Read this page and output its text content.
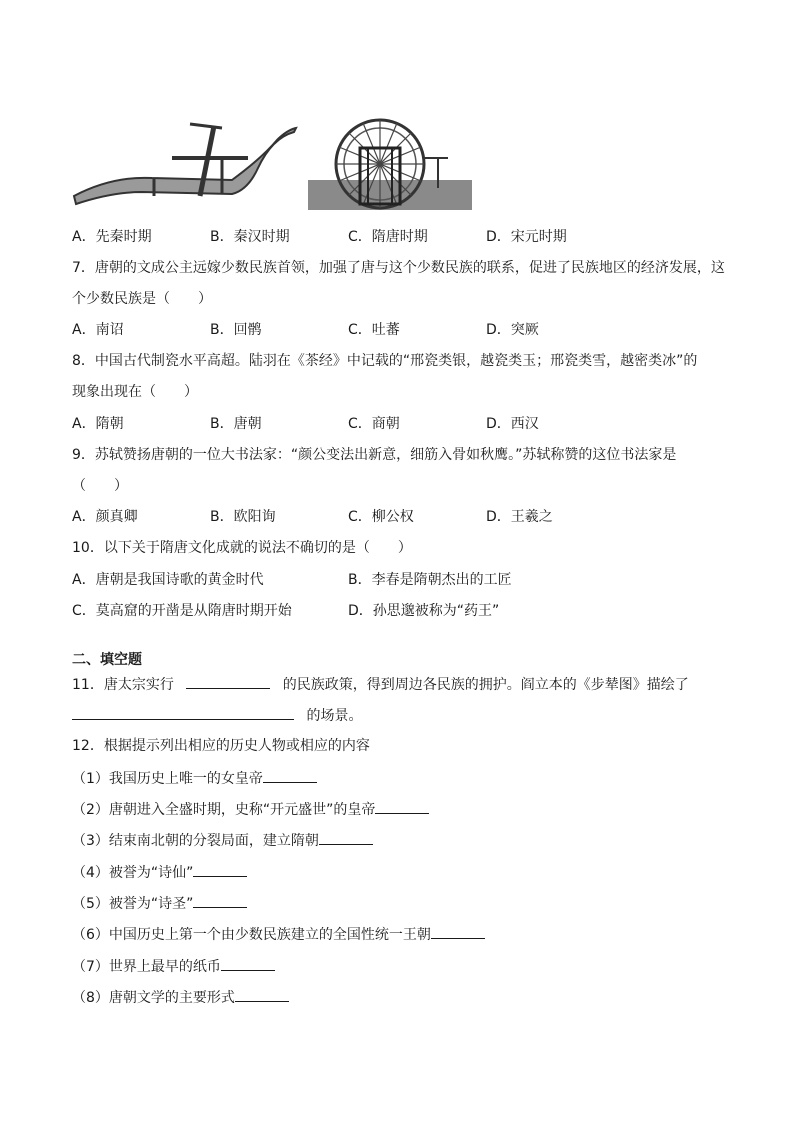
A．先秦时期	B．秦汉时期	C．隋唐时期	D．宋元时期
7．唐朝的文成公主远嫁少数民族首领，加强了唐与这个少数民族的联系，促进了民族地区的经济发展，这
个少数民族是（　　）
A．南诏	B．回鹘	C．吐蕃	D．突厥
8．中国古代制瓷水平高超。陆羽在《茶经》中记载的“邢瓷类银，越瓷类玉；邢瓷类雪，越密类冰”的
现象出现在（　　）
A．隋朝	B．唐朝	C．商朝	D．西汉
9．苏轼赞扬唐朝的一位大书法家：“颜公变法出新意，细筋入骨如秋鹰。”苏轼称赞的这位书法家是
（　　）
A．颜真卿	B．欧阳询	C．柳公权	D．王羲之
10．以下关于隋唐文化成就的说法不确切的是（　　）
A．唐朝是我国诗歌的黄金时代	B．李春是隋朝杰出的工匠
C．莫高窟的开凿是从隋唐时期开始	D．孙思邈被称为“药王”
二、填空题
11．唐太宗实行	的民族政策，得到周边各民族的拥护。阎立本的《步辇图》描绘了
的场景。
12．根据提示列出相应的历史人物或相应的内容
（1）我国历史上唯一的女皇帝
（2）唐朝进入全盛时期，史称“开元盛世”的皇帝
（3）结束南北朝的分裂局面，建立隋朝
（4）被誉为“诗仙”
（5）被誉为“诗圣”
（6）中国历史上第一个由少数民族建立的全国性统一王朝
（7）世界上最早的纸币
（8）唐朝文学的主要形式
